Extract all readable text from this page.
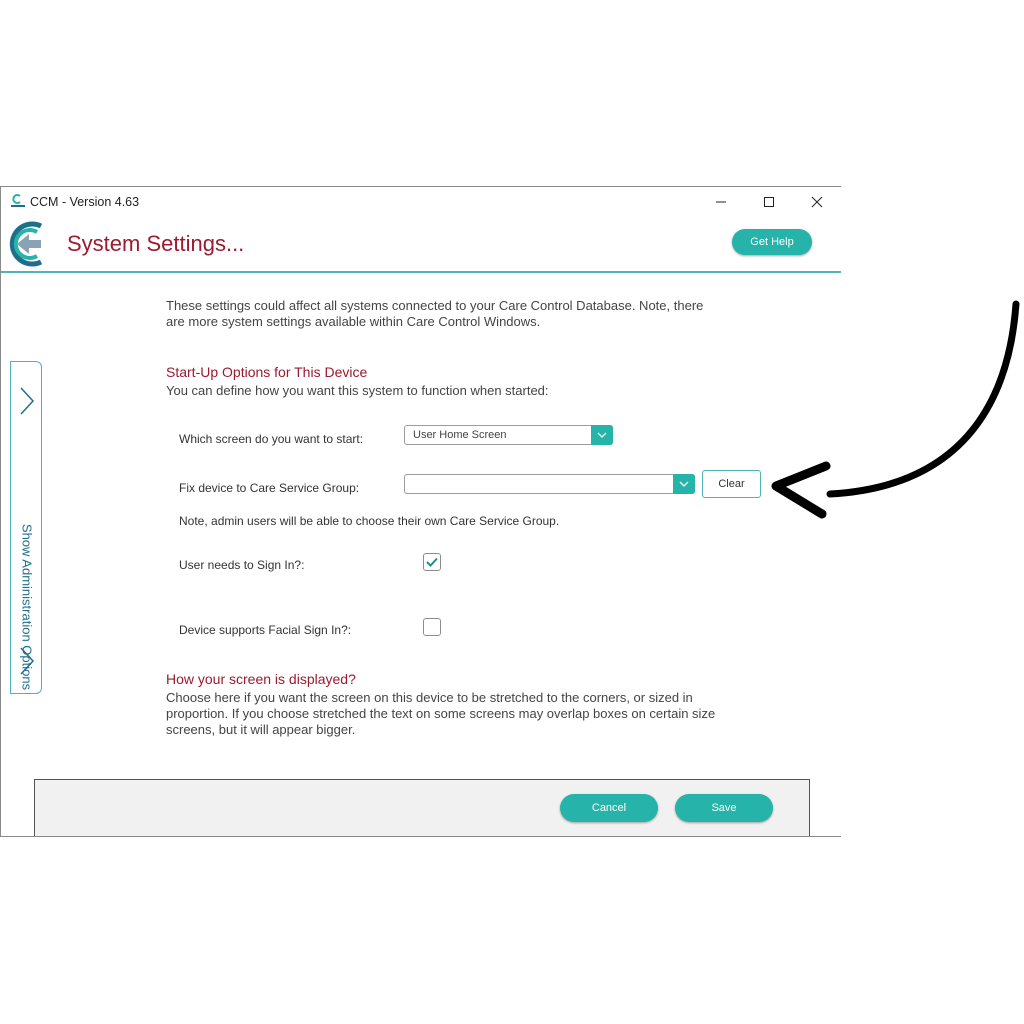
CCM - Version 4.63
System Settings...	Get Help
Show Administration Options
These settings could affect all systems connected to your Care Control Database. Note, there
are more system settings available within Care Control Windows.
Start-Up Options for This Device
You can define how you want this system to function when started:
Which screen do you want to start:	User Home Screen
Fix device to Care Service Group:	Clear
Note, admin users will be able to choose their own Care Service Group.
User needs to Sign In?:
Device supports Facial Sign In?:
How your screen is displayed?
Choose here if you want the screen on this device to be stretched to the corners, or sized in
proportion. If you choose stretched the text on some screens may overlap boxes on certain size
screens, but it will appear bigger.
Cancel	Save
